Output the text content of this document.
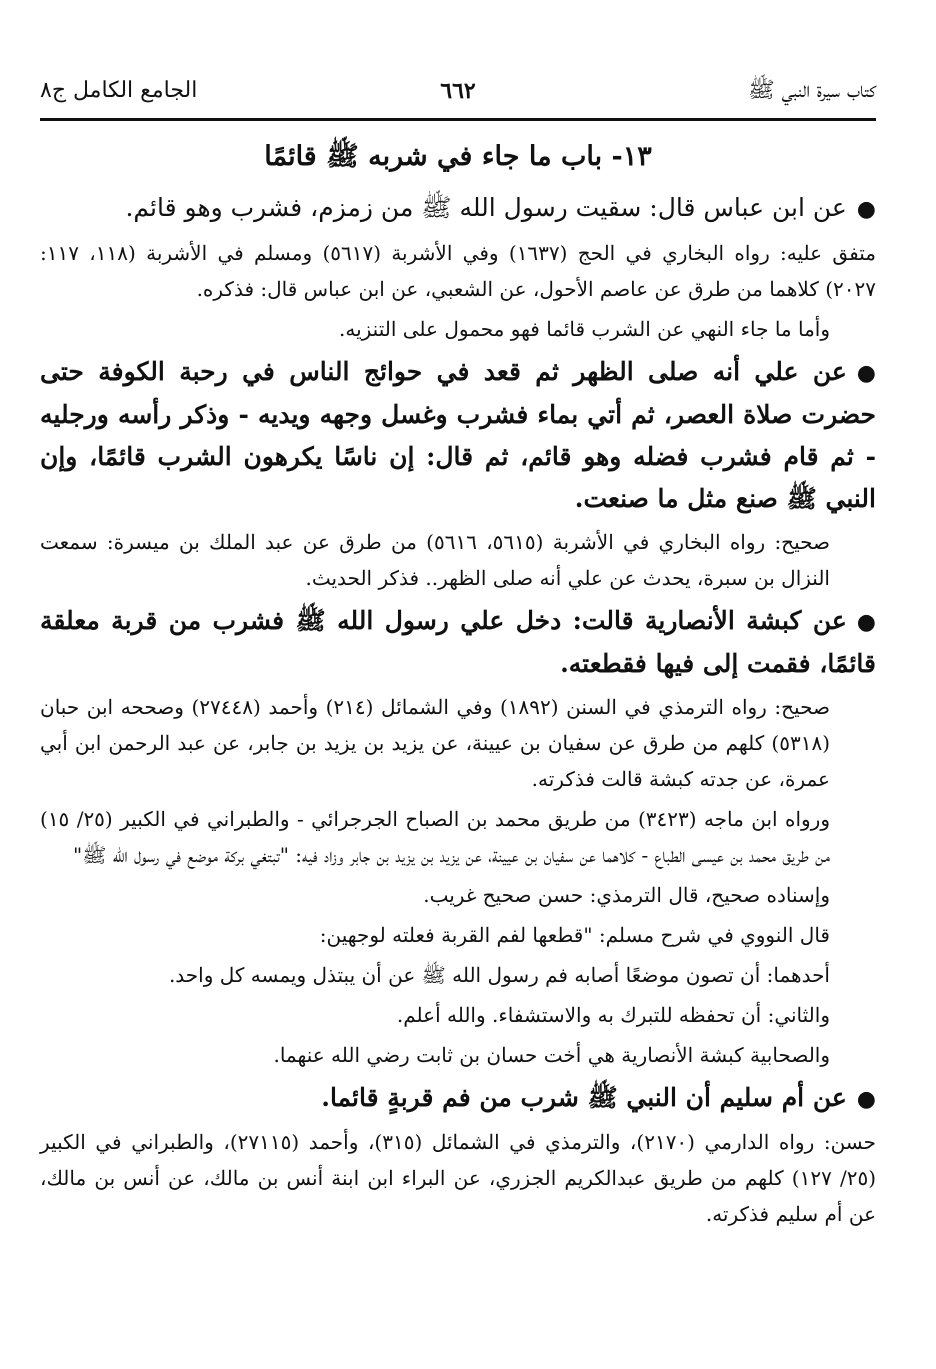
كتاب سيرة النبي ﷺ
٦٦٢
الجامع الكامل ج٨
١٣- باب ما جاء في شربه ﷺ قائمًا

●عن ابن عباس قال: سقيت رسول الله ﷺ من زمزم، فشرب وهو قائم.

متفق عليه: رواه البخاري في الحج (١٦٣٧) وفي الأشربة (٥٦١٧) ومسلم في الأشربة (١١٨، ١١٧: ٢٠٢٧) كلاهما من طرق عن عاصم الأحول، عن الشعبي، عن ابن عباس قال: فذكره.

وأما ما جاء النهي عن الشرب قائما فهو محمول على التنزيه.

●عن علي أنه صلى الظهر ثم قعد في حوائج الناس في رحبة الكوفة حتى حضرت صلاة العصر، ثم أتي بماء فشرب وغسل وجهه ويديه - وذكر رأسه ورجليه - ثم قام فشرب فضله وهو قائم، ثم قال: إن ناسًا يكرهون الشرب قائمًا، وإن النبي ﷺ صنع مثل ما صنعت.

صحيح: رواه البخاري في الأشربة (٥٦١٥، ٥٦١٦) من طرق عن عبد الملك بن ميسرة: سمعت النزال بن سبرة، يحدث عن علي أنه صلى الظهر.. فذكر الحديث.

●عن كبشة الأنصارية قالت: دخل علي رسول الله ﷺ فشرب من قربة معلقة قائمًا، فقمت إلى فيها فقطعته.

صحيح: رواه الترمذي في السنن (١٨٩٢) وفي الشمائل (٢١٤) وأحمد (٢٧٤٤٨) وصححه ابن حبان (٥٣١٨) كلهم من طرق عن سفيان بن عيينة، عن يزيد بن يزيد بن جابر، عن عبد الرحمن ابن أبي عمرة، عن جدته كبشة قالت فذكرته.

ورواه ابن ماجه (٣٤٢٣) من طريق محمد بن الصباح الجرجرائي - والطبراني في الكبير (٢٥/ ١٥) من طريق محمد بن عيسى الطباع - كلاهما عن سفيان بن عيينة، عن يزيد بن يزيد بن جابر وزاد فيه: "تبتغي بركة موضع في رسول الله ﷺ"

وإسناده صحيح، قال الترمذي: حسن صحيح غريب.

قال النووي في شرح مسلم: "قطعها لفم القربة فعلته لوجهين:

أحدهما: أن تصون موضعًا أصابه فم رسول الله ﷺ عن أن يبتذل ويمسه كل واحد.

والثاني: أن تحفظه للتبرك به والاستشفاء. والله أعلم.

والصحابية كبشة الأنصارية هي أخت حسان بن ثابت رضي الله عنهما.

●عن أم سليم أن النبي ﷺ شرب من فم قربةٍ قائما.

حسن: رواه الدارمي (٢١٧٠)، والترمذي في الشمائل (٣١٥)، وأحمد (٢٧١١٥)، والطبراني في الكبير (٢٥/ ١٢٧) كلهم من طريق عبدالكريم الجزري، عن البراء ابن ابنة أنس بن مالك، عن أنس بن مالك، عن أم سليم فذكرته.
